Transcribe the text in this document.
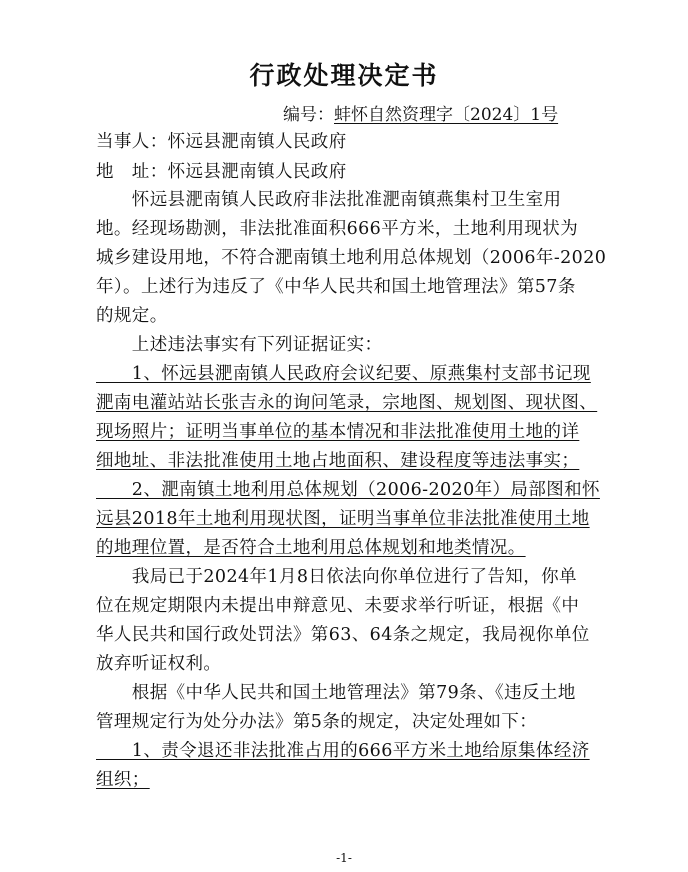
行政处理决定书
编号：蚌怀自然资理字〔2024〕1号
当事人：怀远县淝南镇人民政府
地　址：怀远县淝南镇人民政府
　　怀远县淝南镇人民政府非法批准淝南镇燕集村卫生室用
地。经现场勘测，非法批准面积666平方米，土地利用现状为
城乡建设用地，不符合淝南镇土地利用总体规划（2006年-2020
年）。上述行为违反了《中华人民共和国土地管理法》第57条
的规定。
　　上述违法事实有下列证据证实：
　　1、怀远县淝南镇人民政府会议纪要、原燕集村支部书记现
淝南电灌站站长张吉永的询问笔录，宗地图、规划图、现状图、
现场照片；证明当事单位的基本情况和非法批准使用土地的详
细地址、非法批准使用土地占地面积、建设程度等违法事实；
　　2、淝南镇土地利用总体规划（2006-2020年）局部图和怀
远县2018年土地利用现状图，证明当事单位非法批准使用土地
的地理位置，是否符合土地利用总体规划和地类情况。
　　我局已于2024年1月8日依法向你单位进行了告知，你单
位在规定期限内未提出申辩意见、未要求举行听证，根据《中
华人民共和国行政处罚法》第63、64条之规定，我局视你单位
放弃听证权利。
　　根据《中华人民共和国土地管理法》第79条、《违反土地
管理规定行为处分办法》第5条的规定，决定处理如下：
　　1、责令退还非法批准占用的666平方米土地给原集体经济
组织；
-1-
